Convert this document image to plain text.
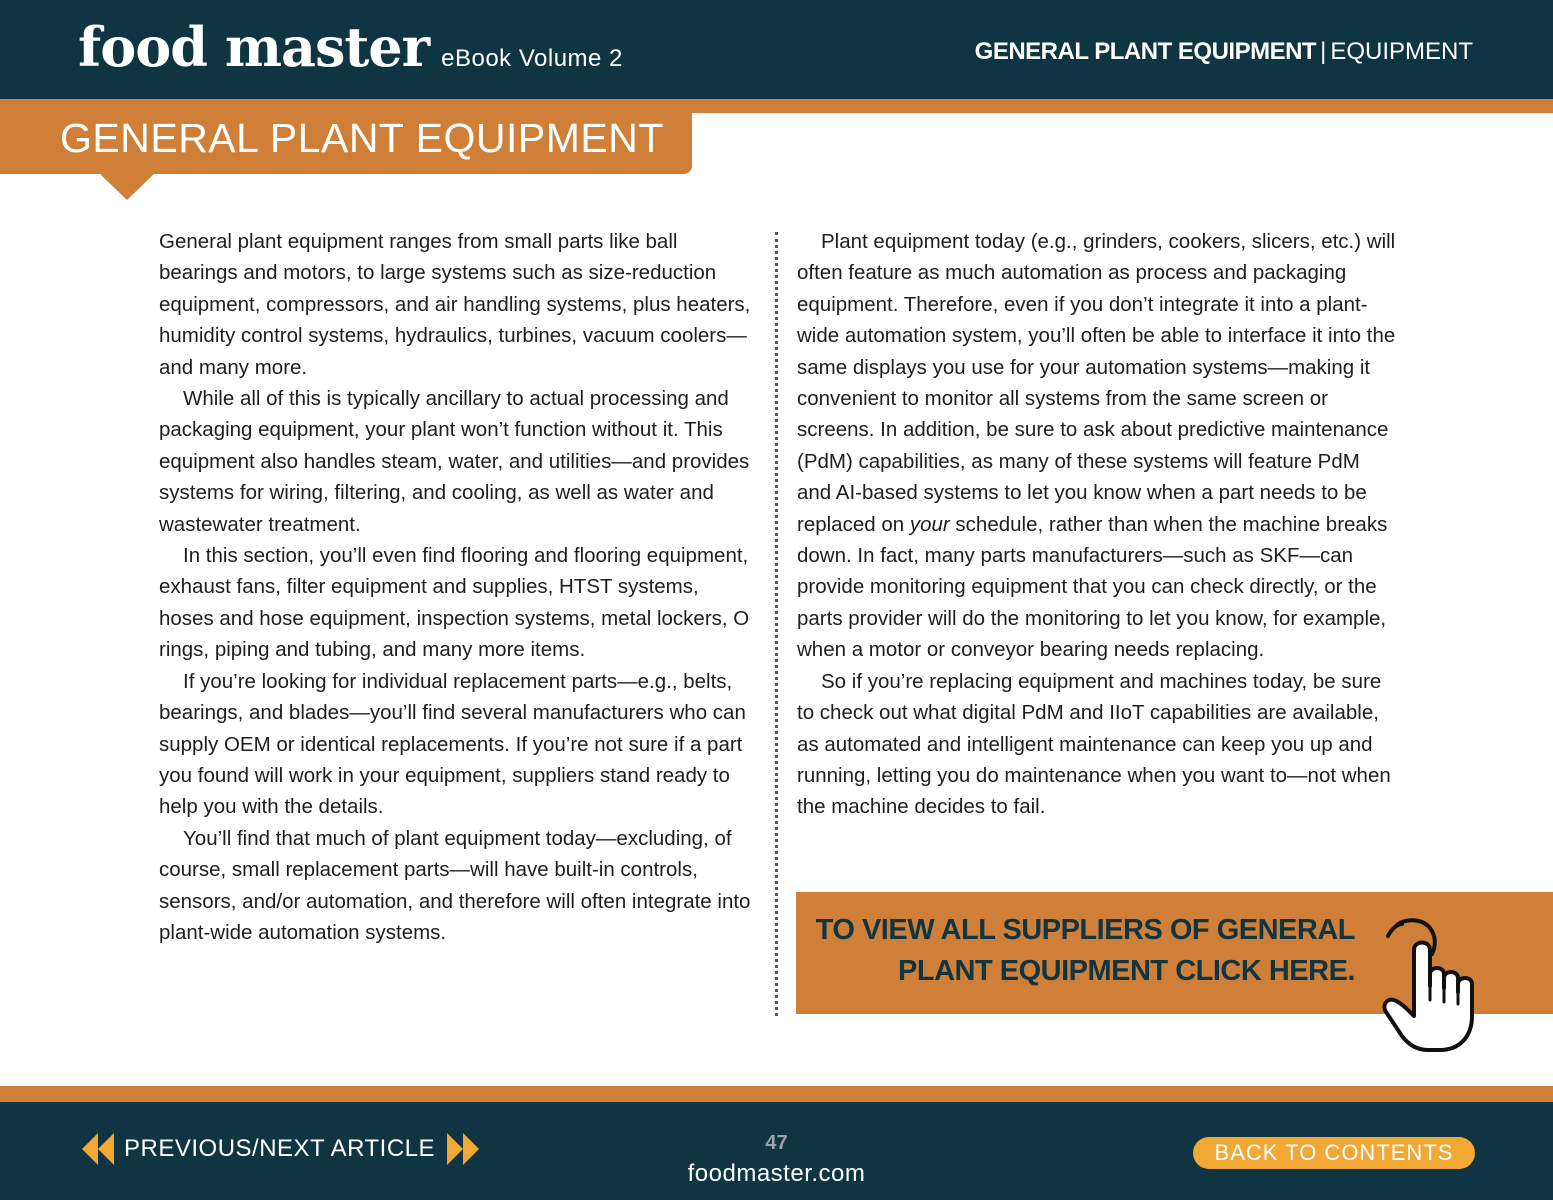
food master eBook Volume 2	GENERAL PLANT EQUIPMENT | EQUIPMENT
GENERAL PLANT EQUIPMENT

General plant equipment ranges from small parts like ball bearings and motors, to large systems such as size-reduction equipment, compressors, and air handling systems, plus heaters, humidity control systems, hydraulics, turbines, vacuum coolers—and many more.

While all of this is typically ancillary to actual processing and packaging equipment, your plant won’t function without it. This equipment also handles steam, water, and utilities—and provides systems for wiring, filtering, and cooling, as well as water and wastewater treatment.

In this section, you’ll even find flooring and flooring equipment, exhaust fans, filter equipment and supplies, HTST systems, hoses and hose equipment, inspection systems, metal lockers, O rings, piping and tubing, and many more items.

If you’re looking for individual replacement parts—e.g., belts, bearings, and blades—you’ll find several manufacturers who can supply OEM or identical replacements. If you’re not sure if a part you found will work in your equipment, suppliers stand ready to help you with the details.

You’ll find that much of plant equipment today—excluding, of course, small replacement parts—will have built-in controls, sensors, and/or automation, and therefore will often integrate into plant-wide automation systems.

Plant equipment today (e.g., grinders, cookers, slicers, etc.) will often feature as much automation as process and packaging equipment. Therefore, even if you don’t integrate it into a plant-wide automation system, you’ll often be able to interface it into the same displays you use for your automation systems—making it convenient to monitor all systems from the same screen or screens. In addition, be sure to ask about predictive maintenance (PdM) capabilities, as many of these systems will feature PdM and AI-based systems to let you know when a part needs to be replaced on your schedule, rather than when the machine breaks down. In fact, many parts manufacturers—such as SKF—can provide monitoring equipment that you can check directly, or the parts provider will do the monitoring to let you know, for example, when a motor or conveyor bearing needs replacing.

So if you’re replacing equipment and machines today, be sure to check out what digital PdM and IIoT capabilities are available, as automated and intelligent maintenance can keep you up and running, letting you do maintenance when you want to—not when the machine decides to fail.

TO VIEW ALL SUPPLIERS OF GENERAL
PLANT EQUIPMENT CLICK HERE.
PREVIOUS/NEXT ARTICLE	47
foodmaster.com
BACK TO CONTENTS
